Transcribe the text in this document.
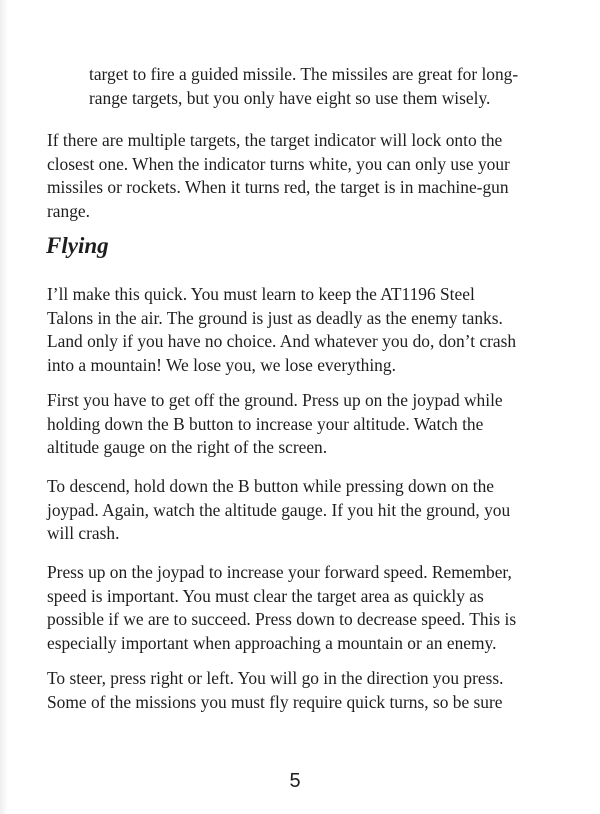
target to fire a guided missile. The missiles are great for long-
range targets, but you only have eight so use them wisely.

If there are multiple targets, the target indicator will lock onto the
closest one. When the indicator turns white, you can only use your
missiles or rockets. When it turns red, the target is in machine-gun
range.

Flying

I’ll make this quick. You must learn to keep the AT1196 Steel
Talons in the air. The ground is just as deadly as the enemy tanks.
Land only if you have no choice. And whatever you do, don’t crash
into a mountain! We lose you, we lose everything.

First you have to get off the ground. Press up on the joypad while
holding down the B button to increase your altitude. Watch the
altitude gauge on the right of the screen.

To descend, hold down the B button while pressing down on the
joypad. Again, watch the altitude gauge. If you hit the ground, you
will crash.

Press up on the joypad to increase your forward speed. Remember,
speed is important. You must clear the target area as quickly as
possible if we are to succeed. Press down to decrease speed. This is
especially important when approaching a mountain or an enemy.

To steer, press right or left. You will go in the direction you press.
Some of the missions you must fly require quick turns, so be sure

5
